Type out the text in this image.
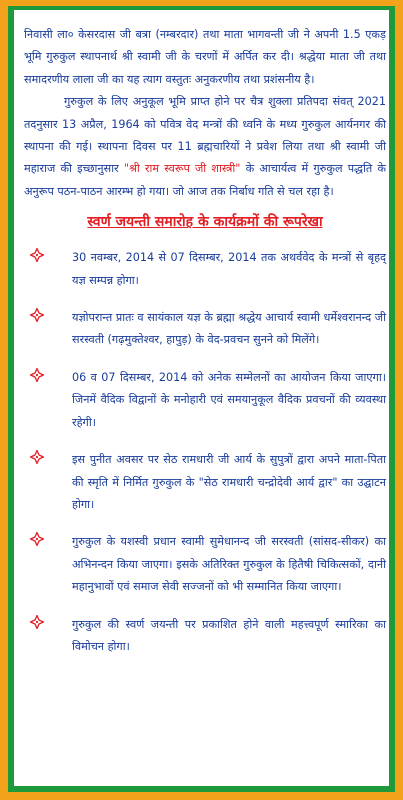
निवासी ला० केसरदास जी बत्रा (नम्बरदार) तथा माता भागवन्ती जी ने अपनी 1.5 एकड़ भूमि गुरुकुल स्थापनार्थ श्री स्वामी जी के चरणों में अर्पित कर दी। श्रद्धेया माता जी तथा समादरणीय लाला जी का यह त्याग वस्तुतः अनुकरणीय तथा प्रशंसनीय है।

गुरुकुल के लिए अनुकूल भूमि प्राप्त होने पर चैत्र शुक्ला प्रतिपदा संवत् 2021 तदनुसार 13 अप्रैल, 1964 को पवित्र वेद मन्त्रों की ध्वनि के मध्य गुरुकुल आर्यनगर की स्थापना की गई। स्थापना दिवस पर 11 ब्रह्मचारियों ने प्रवेश लिया तथा श्री स्वामी जी महाराज की इच्छानुसार "श्री राम स्वरूप जी शास्त्री" के आचार्यत्व में गुरुकुल पद्धति के अनुरूप पठन-पाठन आरम्भ हो गया। जो आज तक निर्बाध गति से चल रहा है।

स्वर्ण जयन्ती समारोह के कार्यक्रमों की रूपरेखा
30 नवम्बर, 2014 से 07 दिसम्बर, 2014 तक अथर्ववेद के मन्त्रों से बृहद् यज्ञ सम्पन्न होगा।
यज्ञोपरान्त प्रातः व सायंकाल यज्ञ के ब्रह्मा श्रद्धेय आचार्य स्वामी धर्मेश्वरानन्द जी सरस्वती (गढ़मुक्तेश्वर, हापुड़) के वेद-प्रवचन सुनने को मिलेंगे।
06 व 07 दिसम्बर, 2014 को अनेक सम्मेलनों का आयोजन किया जाएगा। जिनमें वैदिक विद्वानों के मनोहारी एवं समयानुकूल वैदिक प्रवचनों की व्यवस्था रहेगी।
इस पुनीत अवसर पर सेठ रामधारी जी आर्य के सुपुत्रों द्वारा अपने माता-पिता की स्मृति में निर्मित गुरुकुल के "सेठ रामधारी चन्द्रोदेवी आर्य द्वार" का उद्घाटन होगा।
गुरुकुल के यशस्वी प्रधान स्वामी सुमेधानन्द जी सरस्वती (सांसद-सीकर) का अभिनन्दन किया जाएगा। इसके अतिरिक्त गुरुकुल के हितैषी चिकित्सकों, दानी महानुभावों एवं समाज सेवी सज्जनों को भी सम्मानित किया जाएगा।
गुरुकुल की स्वर्ण जयन्ती पर प्रकाशित होने वाली महत्त्वपूर्ण स्मारिका का विमोचन होगा।
